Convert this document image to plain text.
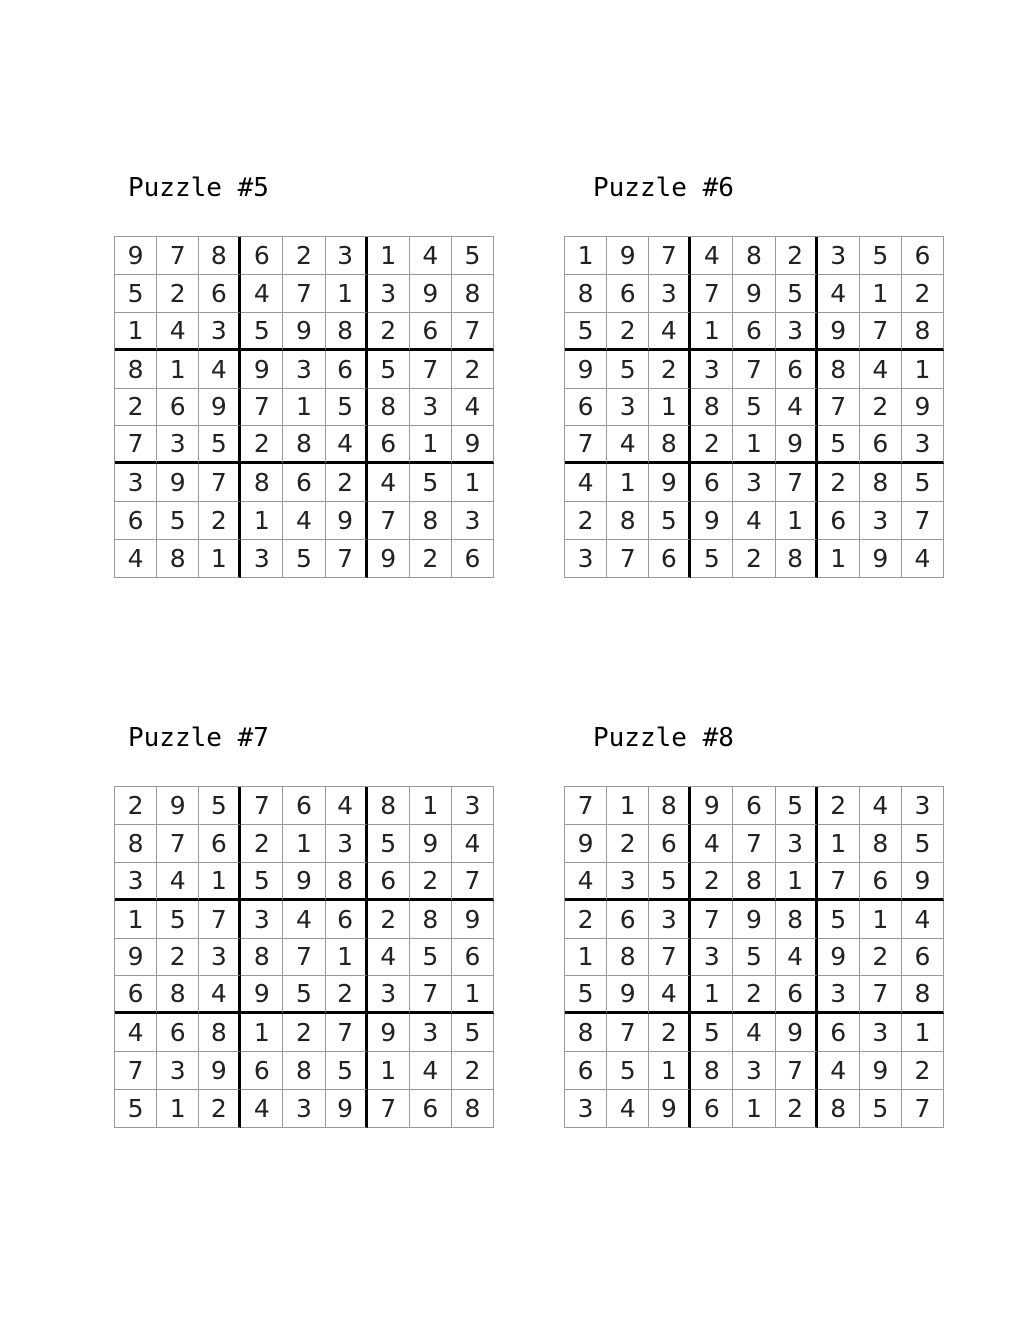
Puzzle #5
9	7	8	6	2	3	1	4	5
5	2	6	4	7	1	3	9	8
1	4	3	5	9	8	2	6	7
8	1	4	9	3	6	5	7	2
2	6	9	7	1	5	8	3	4
7	3	5	2	8	4	6	1	9
3	9	7	8	6	2	4	5	1
6	5	2	1	4	9	7	8	3
4	8	1	3	5	7	9	2	6
Puzzle #6
1	9	7	4	8	2	3	5	6
8	6	3	7	9	5	4	1	2
5	2	4	1	6	3	9	7	8
9	5	2	3	7	6	8	4	1
6	3	1	8	5	4	7	2	9
7	4	8	2	1	9	5	6	3
4	1	9	6	3	7	2	8	5
2	8	5	9	4	1	6	3	7
3	7	6	5	2	8	1	9	4
Puzzle #7
2	9	5	7	6	4	8	1	3
8	7	6	2	1	3	5	9	4
3	4	1	5	9	8	6	2	7
1	5	7	3	4	6	2	8	9
9	2	3	8	7	1	4	5	6
6	8	4	9	5	2	3	7	1
4	6	8	1	2	7	9	3	5
7	3	9	6	8	5	1	4	2
5	1	2	4	3	9	7	6	8
Puzzle #8
7	1	8	9	6	5	2	4	3
9	2	6	4	7	3	1	8	5
4	3	5	2	8	1	7	6	9
2	6	3	7	9	8	5	1	4
1	8	7	3	5	4	9	2	6
5	9	4	1	2	6	3	7	8
8	7	2	5	4	9	6	3	1
6	5	1	8	3	7	4	9	2
3	4	9	6	1	2	8	5	7
